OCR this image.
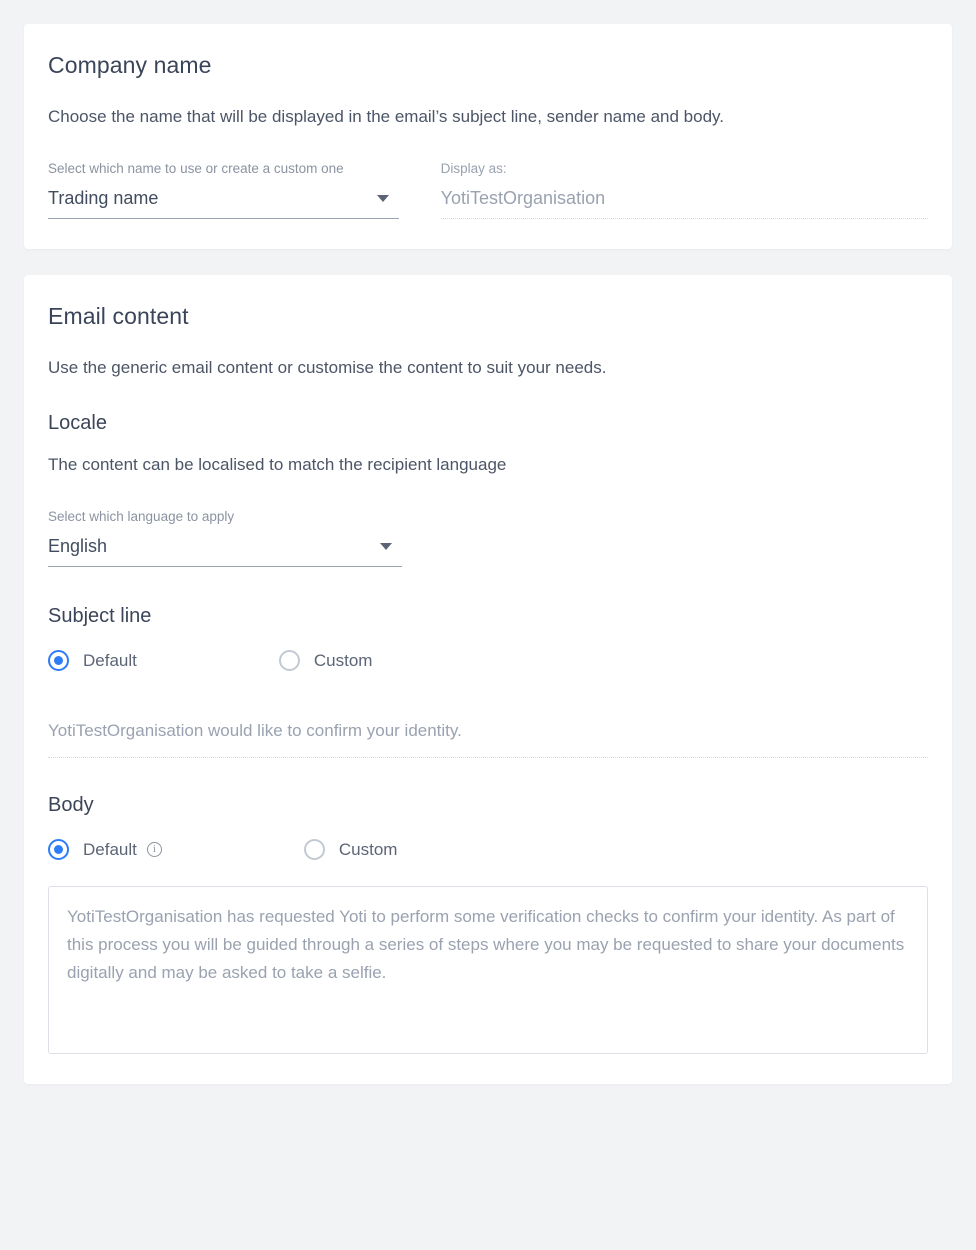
Company name

Choose the name that will be displayed in the email’s subject line, sender name and body.

Select which name to use or create a custom one
Trading name
Display as:
YotiTestOrganisation
Email content

Use the generic email content or customise the content to suit your needs.

Locale

The content can be localised to match the recipient language

Select which language to apply
English
Subject line
Default	Custom
YotiTestOrganisation would like to confirm your identity.
Body
Default	i	Custom

YotiTestOrganisation has requested Yoti to perform some verification checks to confirm your identity. As part of this process you will be guided through a series of steps where you may be requested to share your documents digitally and may be asked to take a selfie.
